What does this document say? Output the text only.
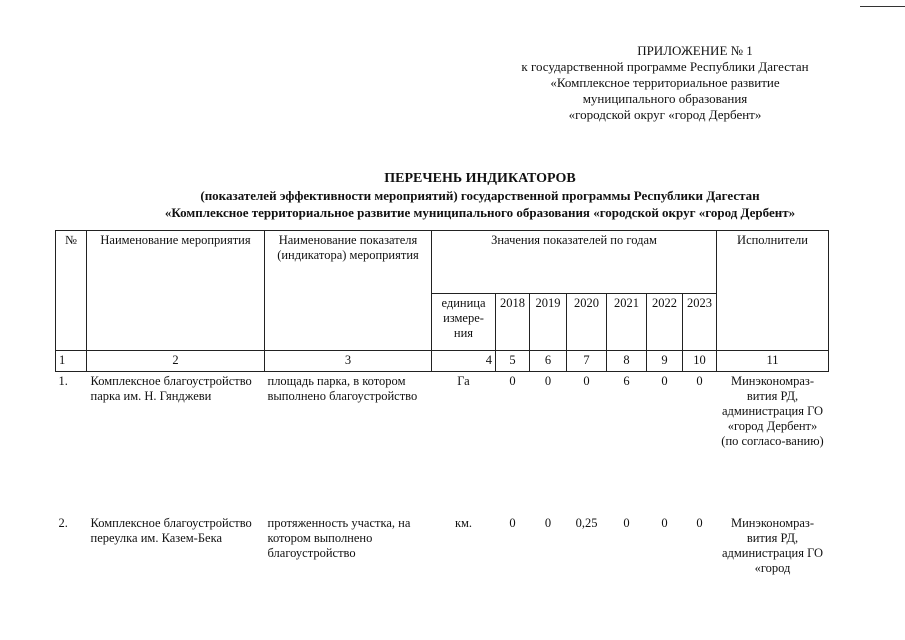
ПРИЛОЖЕНИЕ № 1
к государственной программе Республики Дагестан
«Комплексное территориальное развитие
муниципального образования
«городской округ «город Дербент»
ПЕРЕЧЕНЬ ИНДИКАТОРОВ
(показателей эффективности мероприятий) государственной программы Республики Дагестан
«Комплексное территориальное развитие муниципального образования «городской округ «город Дербент»
№	Наименование мероприятия	Наименование показателя (индикатора) мероприятия	Значения показателей по годам							Исполнители
			единица измере-ния	2018	2019	2020	2021	2022	2023	
1	2	3	4	5	6	7	8	9	10	11
1.	Комплексное благоустройство парка им. Н. Гянджеви	площадь парка, в котором выполнено благоустройство	Га	0	0	0	6	0	0	Минэкономраз-вития РД, администрация ГО «город Дербент» (по согласо-ванию)
2.	Комплексное благоустройство переулка им. Казем-Бека	протяженность участка, на котором выполнено благоустройство	км.	0	0	0,25	0	0	0	Минэкономраз-вития РД, администрация ГО «город
